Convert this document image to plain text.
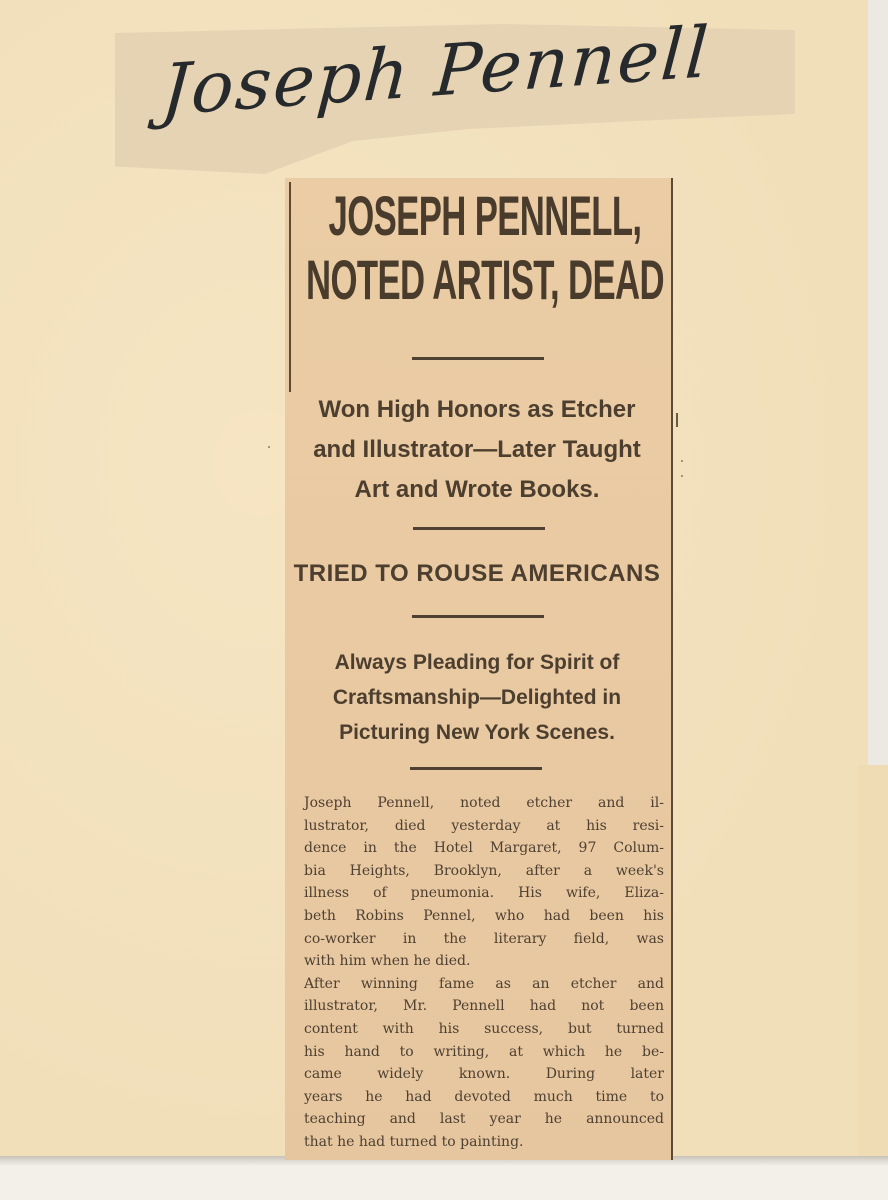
Joseph Pennell
JOSEPH PENNELL,
NOTED ARTIST, DEAD
Won High Honors as Etcher
and Illustrator—Later Taught
Art and Wrote Books.
TRIED TO ROUSE AMERICANS
Always Pleading for Spirit of
Craftsmanship—Delighted in
Picturing New York Scenes.

Joseph Pennell, noted etcher and il-
lustrator, died yesterday at his resi-
dence in the Hotel Margaret, 97 Colum-
bia Heights, Brooklyn, after a week's
illness of pneumonia. His wife, Eliza-
beth Robins Pennel, who had been his
co-worker in the literary field, was
with him when he died.

After winning fame as an etcher and
illustrator, Mr. Pennell had not been
content with his success, but turned
his hand to writing, at which he be-
came widely known. During later
years he had devoted much time to
teaching and last year he announced
that he had turned to painting.
